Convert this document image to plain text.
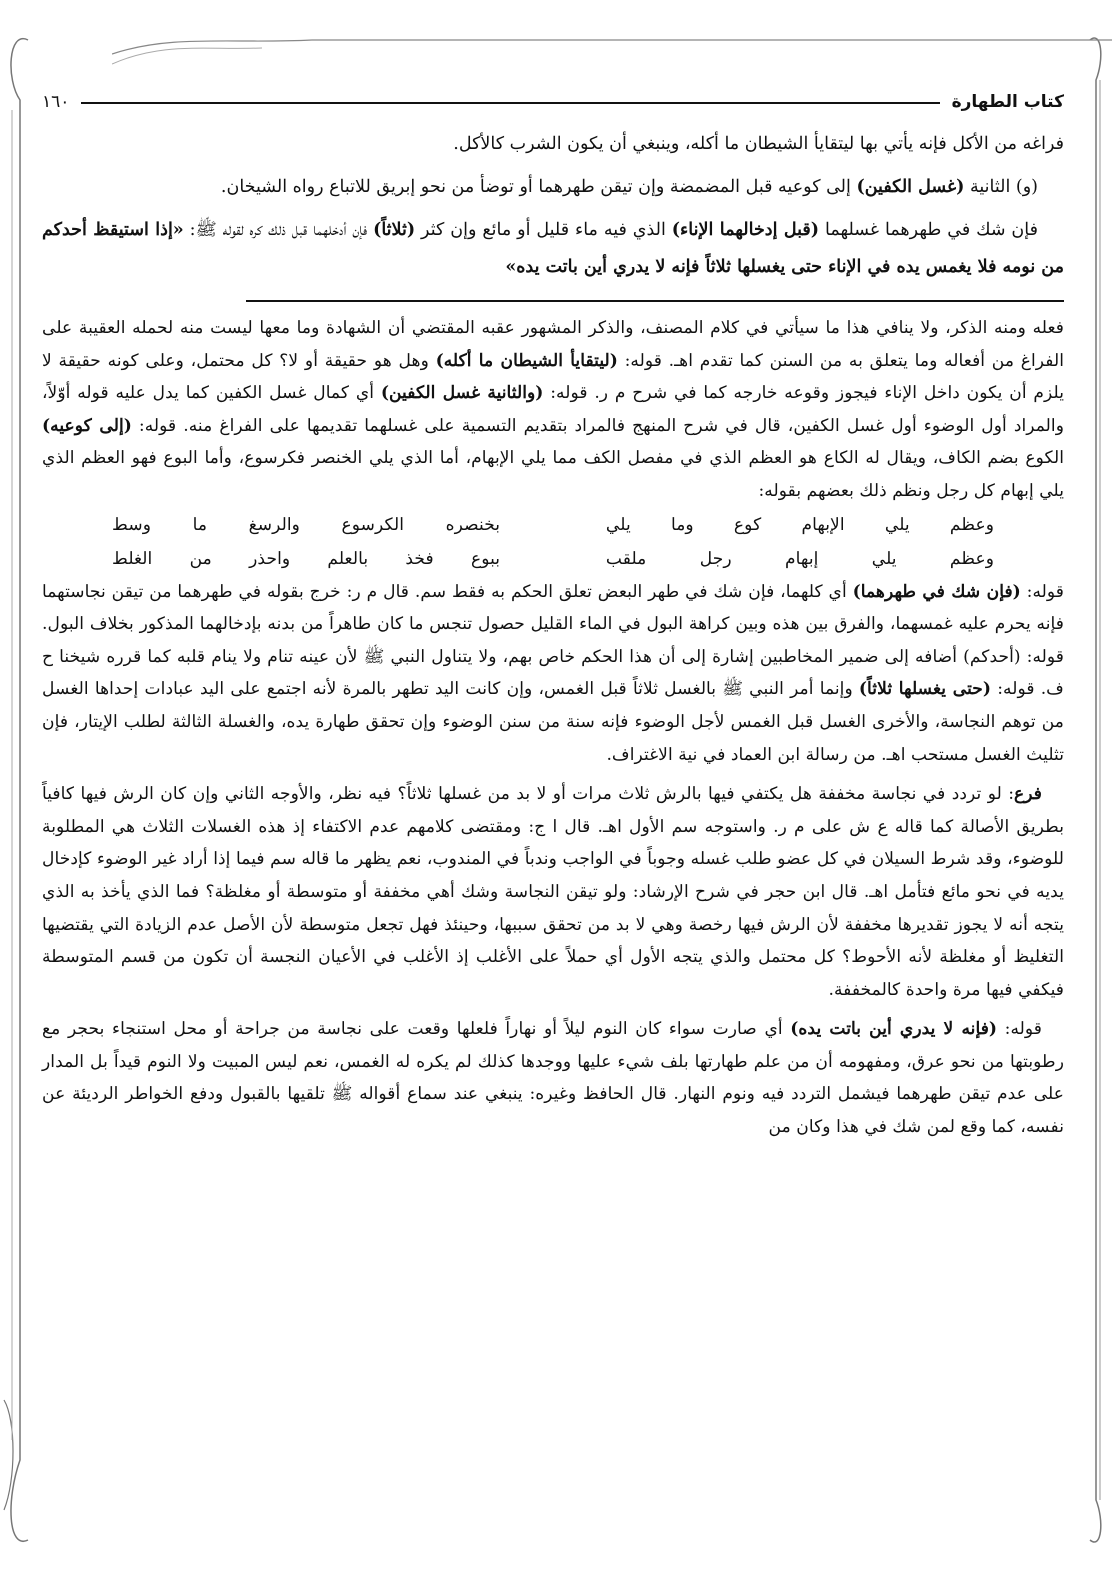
كتاب الطهارة
١٦٠

فراغه من الأكل فإنه يأتي بها ليتقايأ الشيطان ما أكله، وينبغي أن يكون الشرب كالأكل.

(و) الثانية (غسل الكفين) إلى كوعيه قبل المضمضة وإن تيقن طهرهما أو توضأ من نحو إبريق للاتباع رواه الشيخان.

فإن شك في طهرهما غسلهما (قبل إدخالهما الإناء) الذي فيه ماء قليل أو مائع وإن كثر (ثلاثاً) فإن أدخلهما قبل ذلك كره لقوله ﷺ: «إذا استيقظ أحدكم من نومه فلا يغمس يده في الإناء حتى يغسلها ثلاثاً فإنه لا يدري أين باتت يده»

فعله ومنه الذكر، ولا ينافي هذا ما سيأتي في كلام المصنف، والذكر المشهور عقبه المقتضي أن الشهادة وما معها ليست منه لحمله العقيبة على الفراغ من أفعاله وما يتعلق به من السنن كما تقدم اهـ. قوله: (ليتقايأ الشيطان ما أكله) وهل هو حقيقة أو لا؟ كل محتمل، وعلى كونه حقيقة لا يلزم أن يكون داخل الإناء فيجوز وقوعه خارجه كما في شرح م ر. قوله: (والثانية غسل الكفين) أي كمال غسل الكفين كما يدل عليه قوله أوّلاً، والمراد أول الوضوء أول غسل الكفين، قال في شرح المنهج فالمراد بتقديم التسمية على غسلهما تقديمها على الفراغ منه. قوله: (إلى كوعيه) الكوع بضم الكاف، ويقال له الكاع هو العظم الذي في مفصل الكف مما يلي الإبهام، أما الذي يلي الخنصر فكرسوع، وأما البوع فهو العظم الذي يلي إبهام كل رجل ونظم ذلك بعضهم بقوله:

وعظم يلي الإبهام كوع وما يلي
بخنصره الكرسوع والرسغ ما وسط
وعظم يلي إبهام رجل ملقب
ببوع فخذ بالعلم واحذر من الغلط

قوله: (فإن شك في طهرهما) أي كلهما، فإن شك في طهر البعض تعلق الحكم به فقط سم. قال م ر: خرج بقوله في طهرهما من تيقن نجاستهما فإنه يحرم عليه غمسهما، والفرق بين هذه وبين كراهة البول في الماء القليل حصول تنجس ما كان طاهراً من بدنه بإدخالهما المذكور بخلاف البول. قوله: (أحدكم) أضافه إلى ضمير المخاطبين إشارة إلى أن هذا الحكم خاص بهم، ولا يتناول النبي ﷺ لأن عينه تنام ولا ينام قلبه كما قرره شيخنا ح ف. قوله: (حتى يغسلها ثلاثاً) وإنما أمر النبي ﷺ بالغسل ثلاثاً قبل الغمس، وإن كانت اليد تطهر بالمرة لأنه اجتمع على اليد عبادات إحداها الغسل من توهم النجاسة، والأخرى الغسل قبل الغمس لأجل الوضوء فإنه سنة من سنن الوضوء وإن تحقق طهارة يده، والغسلة الثالثة لطلب الإيتار، فإن تثليث الغسل مستحب اهـ. من رسالة ابن العماد في نية الاغتراف.

فرع: لو تردد في نجاسة مخففة هل يكتفي فيها بالرش ثلاث مرات أو لا بد من غسلها ثلاثاً؟ فيه نظر، والأوجه الثاني وإن كان الرش فيها كافياً بطريق الأصالة كما قاله ع ش على م ر. واستوجه سم الأول اهـ. قال ا ج: ومقتضى كلامهم عدم الاكتفاء إذ هذه الغسلات الثلاث هي المطلوبة للوضوء، وقد شرط السيلان في كل عضو طلب غسله وجوباً في الواجب وندباً في المندوب، نعم يظهر ما قاله سم فيما إذا أراد غير الوضوء كإدخال يديه في نحو مائع فتأمل اهـ. قال ابن حجر في شرح الإرشاد: ولو تيقن النجاسة وشك أهي مخففة أو متوسطة أو مغلظة؟ فما الذي يأخذ به الذي يتجه أنه لا يجوز تقديرها مخففة لأن الرش فيها رخصة وهي لا بد من تحقق سببها، وحينئذ فهل تجعل متوسطة لأن الأصل عدم الزيادة التي يقتضيها التغليظ أو مغلظة لأنه الأحوط؟ كل محتمل والذي يتجه الأول أي حملاً على الأغلب إذ الأغلب في الأعيان النجسة أن تكون من قسم المتوسطة فيكفي فيها مرة واحدة كالمخففة.

قوله: (فإنه لا يدري أين باتت يده) أي صارت سواء كان النوم ليلاً أو نهاراً فلعلها وقعت على نجاسة من جراحة أو محل استنجاء بحجر مع رطوبتها من نحو عرق، ومفهومه أن من علم طهارتها بلف شيء عليها ووجدها كذلك لم يكره له الغمس، نعم ليس المبيت ولا النوم قيداً بل المدار على عدم تيقن طهرهما فيشمل التردد فيه ونوم النهار. قال الحافظ وغيره: ينبغي عند سماع أقواله ﷺ تلقيها بالقبول ودفع الخواطر الرديئة عن نفسه، كما وقع لمن شك في هذا وكان من
